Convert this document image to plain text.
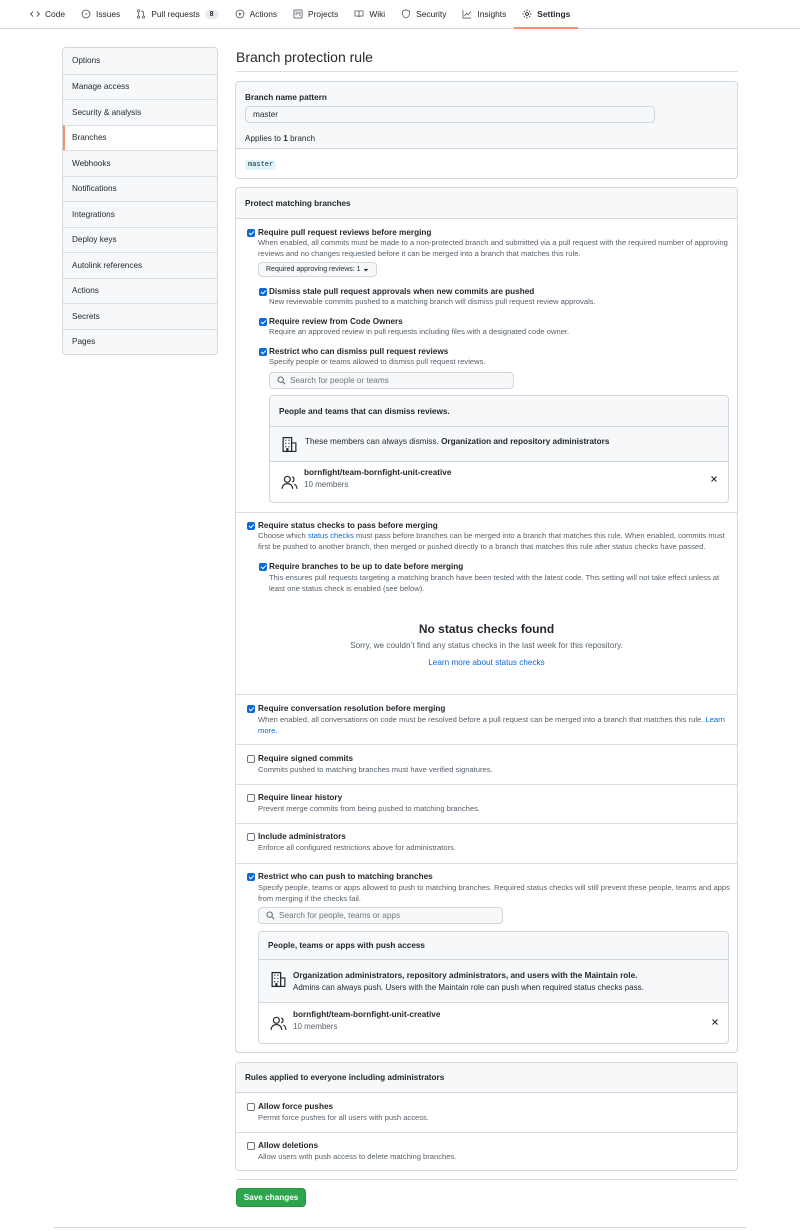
Code	Issues	Pull requests	8	Actions	Projects	Wiki	Security	Insights	Settings
Options
Manage access
Security & analysis
Branches
Webhooks
Notifications
Integrations
Deploy keys
Autolink references
Actions
Secrets
Pages
Branch protection rule
Branch name pattern
master
Applies to 1 branch
master
Protect matching branches
Require pull request reviews before merging
When enabled, all commits must be made to a non-protected branch and submitted via a pull request with the required number of approving reviews and no changes requested before it can be merged into a branch that matches this rule.
Required approving reviews: 1
Dismiss stale pull request approvals when new commits are pushed
New reviewable commits pushed to a matching branch will dismiss pull request review approvals.
Require review from Code Owners
Require an approved review in pull requests including files with a designated code owner.
Restrict who can dismiss pull request reviews
Specify people or teams allowed to dismiss pull request reviews.
Search for people or teams
People and teams that can dismiss reviews.
These members can always dismiss. Organization and repository administrators
bornfight/team-bornfight-unit-creative
10 members
Require status checks to pass before merging
Choose which status checks must pass before branches can be merged into a branch that matches this rule. When enabled, commits must first be pushed to another branch, then merged or pushed directly to a branch that matches this rule after status checks have passed.
Require branches to be up to date before merging
This ensures pull requests targeting a matching branch have been tested with the latest code. This setting will not take effect unless at least one status check is enabled (see below).
No status checks found
Sorry, we couldn’t find any status checks in the last week for this repository.
Learn more about status checks
Require conversation resolution before merging
When enabled, all conversations on code must be resolved before a pull request can be merged into a branch that matches this rule. Learn more.
Require signed commits
Commits pushed to matching branches must have verified signatures.
Require linear history
Prevent merge commits from being pushed to matching branches.
Include administrators
Enforce all configured restrictions above for administrators.
Restrict who can push to matching branches
Specify people, teams or apps allowed to push to matching branches. Required status checks will still prevent these people, teams and apps from merging if the checks fail.
Search for people, teams or apps
People, teams or apps with push access
Organization administrators, repository administrators, and users with the Maintain role.
Admins can always push. Users with the Maintain role can push when required status checks pass.
bornfight/team-bornfight-unit-creative
10 members
Rules applied to everyone including administrators
Allow force pushes
Permit force pushes for all users with push access.
Allow deletions
Allow users with push access to delete matching branches.
Save changes
